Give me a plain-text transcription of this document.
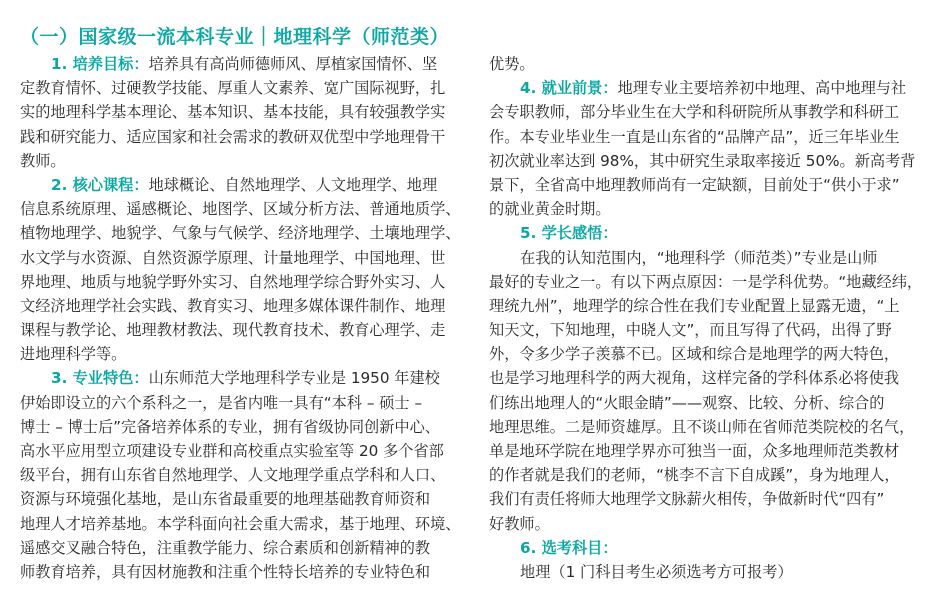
（一）国家级一流本科专业｜地理科学（师范类）
1. 培养目标：培养具有高尚师德师风、厚植家国情怀、坚
定教育情怀、过硬教学技能、厚重人文素养、宽广国际视野，扎
实的地理科学基本理论、基本知识、基本技能，具有较强教学实
践和研究能力、适应国家和社会需求的教研双优型中学地理骨干
教师。
2. 核心课程：地球概论、自然地理学、人文地理学、地理
信息系统原理、遥感概论、地图学、区域分析方法、普通地质学、
植物地理学、地貌学、气象与气候学、经济地理学、土壤地理学、
水文学与水资源、自然资源学原理、计量地理学、中国地理、世
界地理、地质与地貌学野外实习、自然地理学综合野外实习、人
文经济地理学社会实践、教育实习、地理多媒体课件制作、地理
课程与教学论、地理教材教法、现代教育技术、教育心理学、走
进地理科学等。
3. 专业特色：山东师范大学地理科学专业是 1950 年建校
伊始即设立的六个系科之一，是省内唯一具有“本科 – 硕士 –
博士 – 博士后”完备培养体系的专业，拥有省级协同创新中心、
高水平应用型立项建设专业群和高校重点实验室等 20 多个省部
级平台，拥有山东省自然地理学、人文地理学重点学科和人口、
资源与环境强化基地，是山东省最重要的地理基础教育师资和
地理人才培养基地。本学科面向社会重大需求，基于地理、环境、
遥感交叉融合特色，注重教学能力、综合素质和创新精神的教
师教育培养，具有因材施教和注重个性特长培养的专业特色和
优势。
4. 就业前景：地理专业主要培养初中地理、高中地理与社
会专职教师，部分毕业生在大学和科研院所从事教学和科研工
作。本专业毕业生一直是山东省的“品牌产品”，近三年毕业生
初次就业率达到 98%，其中研究生录取率接近 50%。新高考背
景下，全省高中地理教师尚有一定缺额，目前处于“供小于求”
的就业黄金时期。
5. 学长感悟：
在我的认知范围内，“地理科学（师范类）”专业是山师
最好的专业之一。有以下两点原因：一是学科优势。“地藏经纬，
理统九州”，地理学的综合性在我们专业配置上显露无遗，“上
知天文，下知地理，中晓人文”，而且写得了代码，出得了野
外，令多少学子羡慕不已。区域和综合是地理学的两大特色，
也是学习地理科学的两大视角，这样完备的学科体系必将使我
们练出地理人的“火眼金睛”——观察、比较、分析、综合的
地理思维。二是师资雄厚。且不谈山师在省师范类院校的名气，
单是地环学院在地理学界亦可独当一面，众多地理师范类教材
的作者就是我们的老师，“桃李不言下自成蹊”，身为地理人，
我们有责任将师大地理学文脉薪火相传，争做新时代“四有”
好教师。
6. 选考科目：
地理（1 门科目考生必须选考方可报考）
